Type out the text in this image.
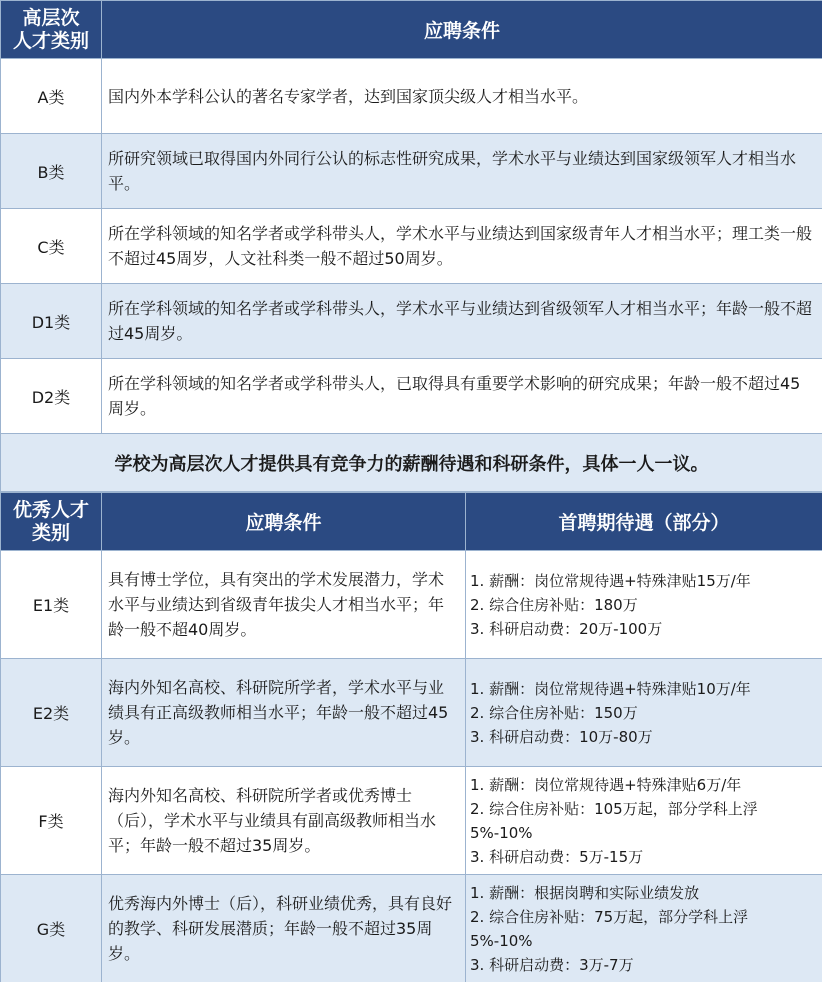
高层次
人才类别	应聘条件
A类	国内外本学科公认的著名专家学者，达到国家顶尖级人才相当水平。
B类	所研究领域已取得国内外同行公认的标志性研究成果，学术水平与业绩达到国家级领军人才相当水平。
C类	所在学科领域的知名学者或学科带头人，学术水平与业绩达到国家级青年人才相当水平；理工类一般不超过45周岁，人文社科类一般不超过50周岁。
D1类	所在学科领域的知名学者或学科带头人，学术水平与业绩达到省级领军人才相当水平；年龄一般不超过45周岁。
D2类	所在学科领域的知名学者或学科带头人，已取得具有重要学术影响的研究成果；年龄一般不超过45周岁。
学校为高层次人才提供具有竞争力的薪酬待遇和科研条件，具体一人一议。	
优秀人才
类别	应聘条件	首聘期待遇（部分）
E1类	具有博士学位，具有突出的学术发展潜力，学术水平与业绩达到省级青年拔尖人才相当水平；年龄一般不超40周岁。	1. 薪酬：岗位常规待遇+特殊津贴15万/年
2. 综合住房补贴：180万
3. 科研启动费：20万-100万

E2类	海内外知名高校、科研院所学者，学术水平与业绩具有正高级教师相当水平；年龄一般不超过45岁。	1. 薪酬：岗位常规待遇+特殊津贴10万/年
2. 综合住房补贴：150万
3. 科研启动费：10万-80万

F类	海内外知名高校、科研院所学者或优秀博士（后），学术水平与业绩具有副高级教师相当水平；年龄一般不超过35周岁。	1. 薪酬：岗位常规待遇+特殊津贴6万/年
2. 综合住房补贴：105万起，部分学科上浮
5%-10%
3. 科研启动费：5万-15万

G类	优秀海内外博士（后），科研业绩优秀，具有良好的教学、科研发展潜质；年龄一般不超过35周岁。	1. 薪酬：根据岗聘和实际业绩发放
2. 综合住房补贴：75万起，部分学科上浮
5%-10%
3. 科研启动费：3万-7万
